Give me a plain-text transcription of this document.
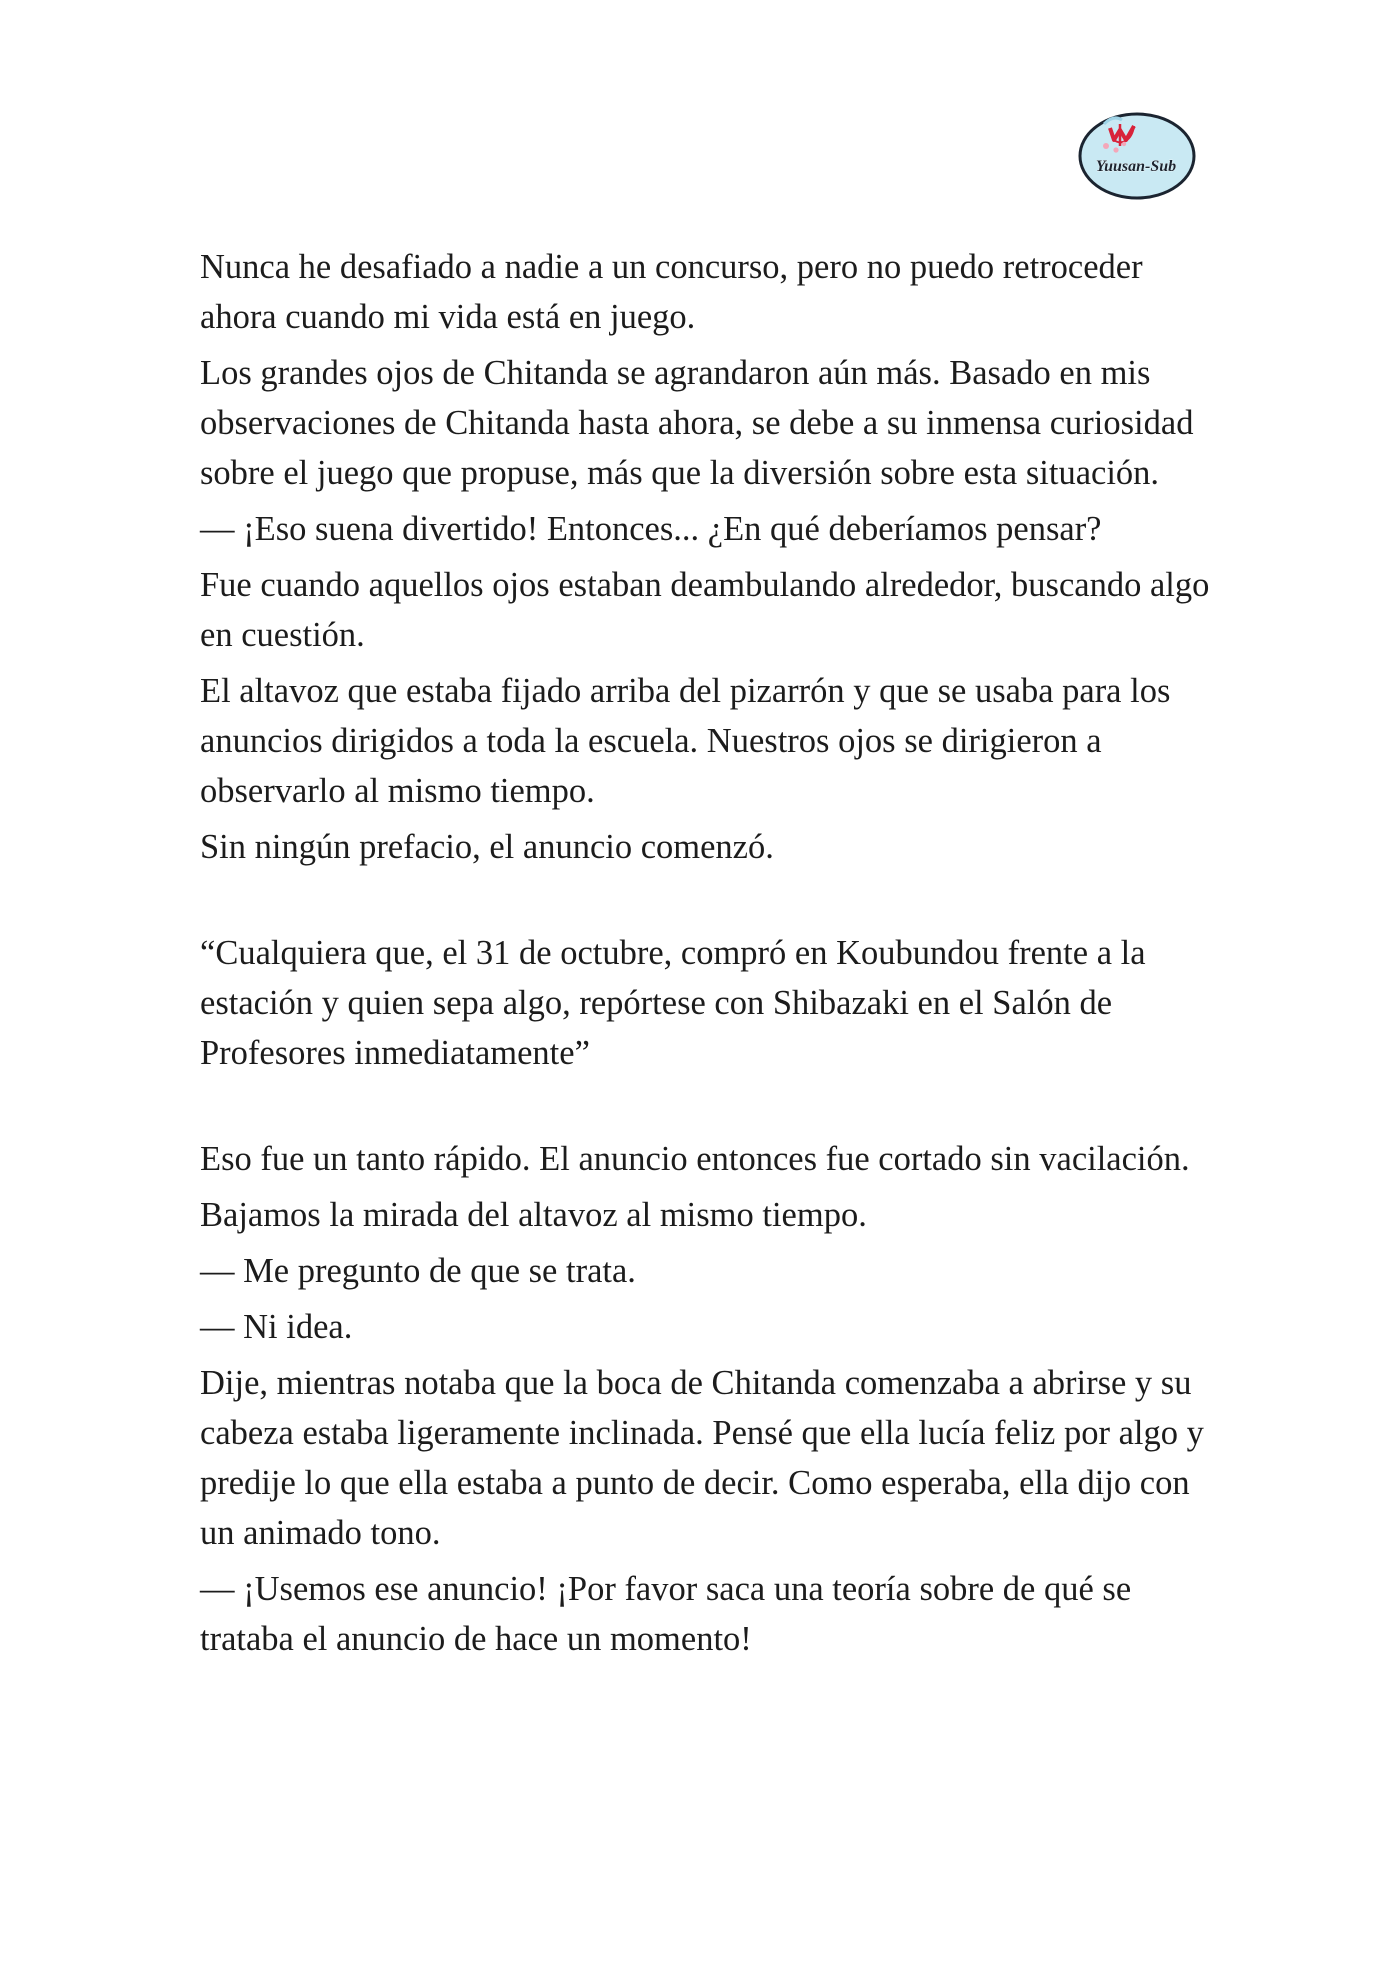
Yuusan-Sub

Nunca he desafiado a nadie a un concurso, pero no puedo retroceder ahora cuando mi vida está en juego.

Los grandes ojos de Chitanda se agrandaron aún más. Basado en mis observaciones de Chitanda hasta ahora, se debe a su inmensa curiosidad sobre el juego que propuse, más que la diversión sobre esta situación.

— ¡Eso suena divertido! Entonces... ¿En qué deberíamos pensar?

Fue cuando aquellos ojos estaban deambulando alrededor, buscando algo en cuestión.

El altavoz que estaba fijado arriba del pizarrón y que se usaba para los anuncios dirigidos a toda la escuela. Nuestros ojos se dirigieron a observarlo al mismo tiempo.

Sin ningún prefacio, el anuncio comenzó.

“Cualquiera que, el 31 de octubre, compró en Koubundou frente a la estación y quien sepa algo, repórtese con Shibazaki en el Salón de Profesores inmediatamente”

Eso fue un tanto rápido. El anuncio entonces fue cortado sin vacilación.

Bajamos la mirada del altavoz al mismo tiempo.

— Me pregunto de que se trata.

— Ni idea.

Dije, mientras notaba que la boca de Chitanda comenzaba a abrirse y su cabeza estaba ligeramente inclinada. Pensé que ella lucía feliz por algo y predije lo que ella estaba a punto de decir. Como esperaba, ella dijo con un animado tono.

— ¡Usemos ese anuncio! ¡Por favor saca una teoría sobre de qué se trataba el anuncio de hace un momento!
